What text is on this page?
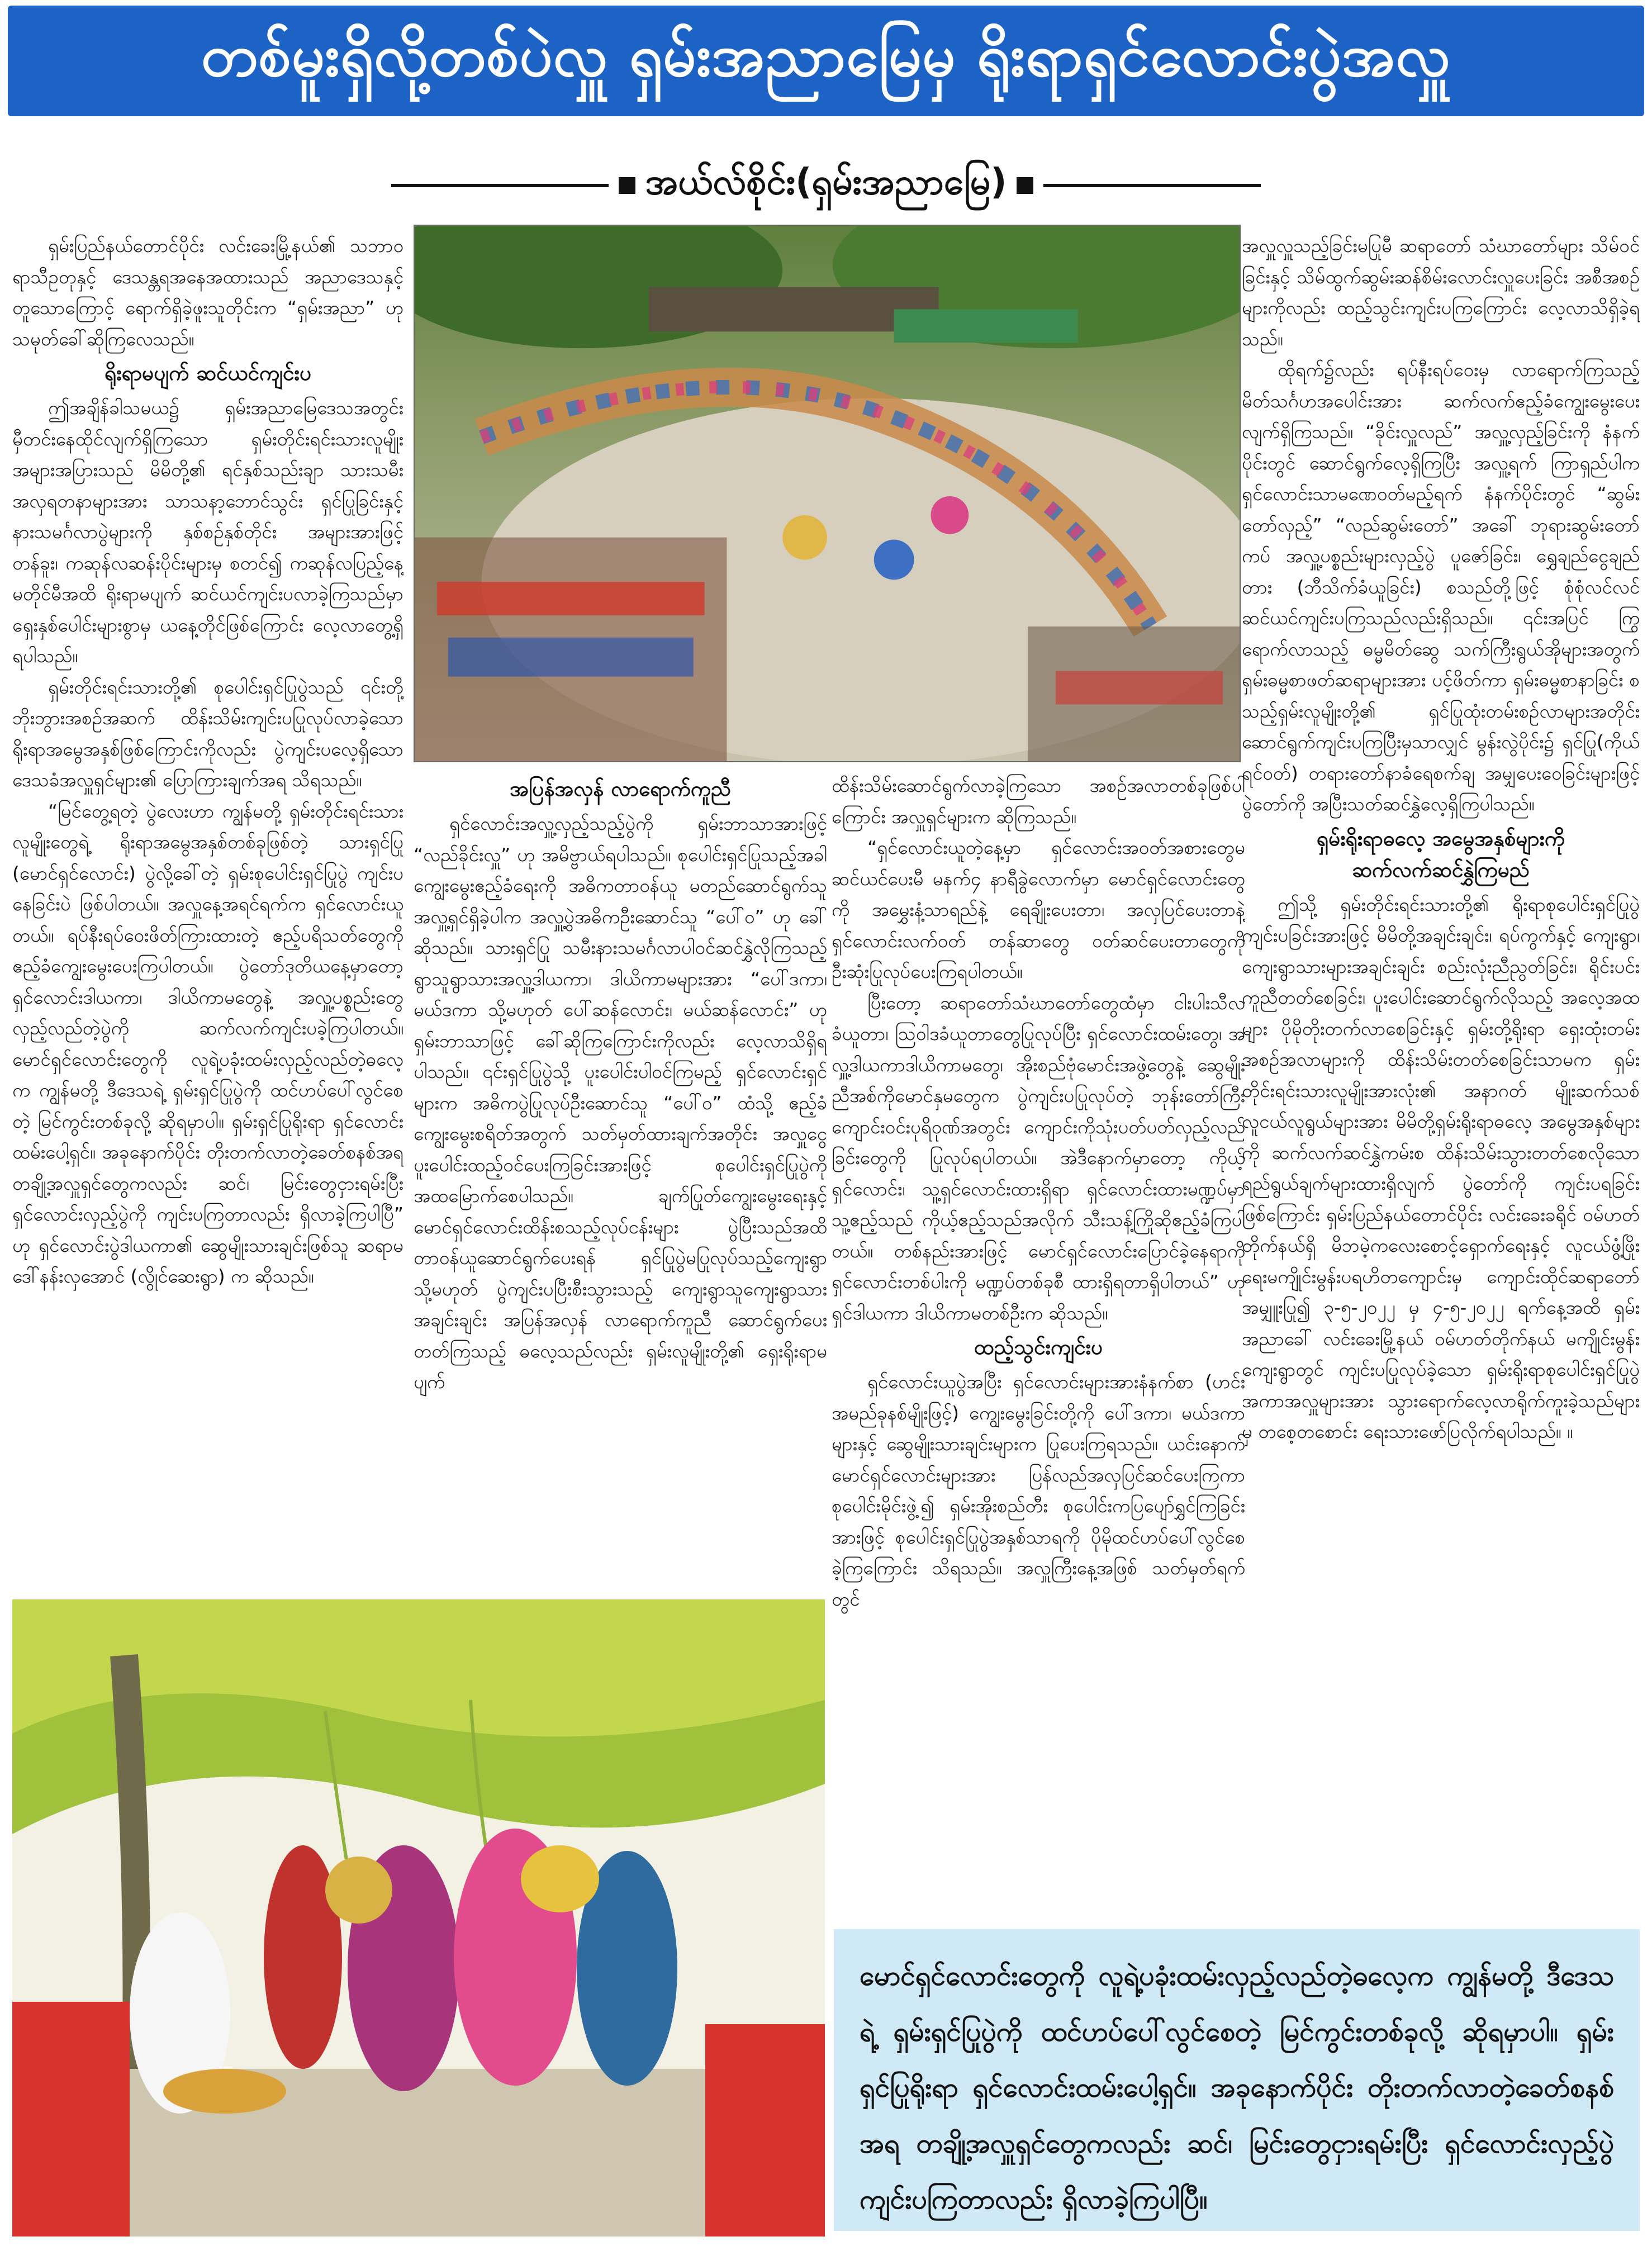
တစ်မူးရှိလို့တစ်ပဲလှူ ရှမ်းအညာမြေမှ ရိုးရာရှင်လောင်းပွဲအလှူ
အယ်လ်စိုင်း(ရှမ်းအညာမြေ)

ရှမ်းပြည်နယ်တောင်ပိုင်း လင်းခေးမြို့နယ်၏ သဘာဝရာသီဥတုနှင့် ဒေသန္တရအနေအထားသည် အညာဒေသနှင့်တူသောကြောင့် ရောက်ရှိခဲ့ဖူးသူတိုင်းက “ရှမ်းအညာ” ဟု သမုတ်ခေါ်ဆိုကြလေသည်။

ရိုးရာမပျက် ဆင်ယင်ကျင်းပ

ဤအချိန်ခါသမယ၌ ရှမ်းအညာမြေဒေသအတွင်း မှီတင်းနေထိုင်လျက်ရှိကြသော ရှမ်းတိုင်းရင်းသားလူမျိုးအများအပြားသည် မိမိတို့၏ ရင်နှစ်သည်းချာ သားသမီးအလှရတနာများအား သာသနာ့ဘောင်သွင်း ရှင်ပြုခြင်းနှင့် နားသမင်္ဂလာပွဲများကို နှစ်စဉ်နှစ်တိုင်း အများအားဖြင့် တန်ခူး၊ ကဆုန်လဆန်းပိုင်းများမှ စတင်၍ ကဆုန်လပြည့်နေ့မတိုင်မီအထိ ရိုးရာမပျက် ဆင်ယင်ကျင်းပလာခဲ့ကြသည်မှာ ရှေးနှစ်ပေါင်းများစွာမှ ယနေ့တိုင်ဖြစ်ကြောင်း လေ့လာတွေ့ရှိရပါသည်။

ရှမ်းတိုင်းရင်းသားတို့၏ စုပေါင်းရှင်ပြုပွဲသည် ၎င်းတို့ဘိုးဘွားအစဉ်အဆက် ထိန်းသိမ်းကျင်းပပြုလုပ်လာခဲ့သော ရိုးရာအမွေအနှစ်ဖြစ်ကြောင်းကိုလည်း ပွဲကျင်းပလေ့ရှိသော ဒေသခံအလှူရှင်များ၏ ပြောကြားချက်အရ သိရသည်။

“မြင်တွေ့ရတဲ့ ပွဲလေးဟာ ကျွန်မတို့ ရှမ်းတိုင်းရင်းသားလူမျိုးတွေရဲ့ ရိုးရာအမွေအနှစ်တစ်ခုဖြစ်တဲ့ သားရှင်ပြု (မောင်ရှင်လောင်း) ပွဲလို့ခေါ်တဲ့ ရှမ်းစုပေါင်းရှင်ပြုပွဲ ကျင်းပနေခြင်းပဲ ဖြစ်ပါတယ်။ အလှူနေ့အရင်ရက်က ရှင်လောင်းယူတယ်။ ရပ်နီးရပ်ဝေးဖိတ်ကြားထားတဲ့ ဧည့်ပရိသတ်တွေကို ဧည့်ခံကျွေးမွေးပေးကြပါတယ်။ ပွဲတော်ဒုတိယနေ့မှာတော့ ရှင်လောင်းဒါယကာ၊ ဒါယိကာမတွေနဲ့ အလှူ့ပစ္စည်းတွေ လှည့်လည်တဲ့ပွဲကို ဆက်လက်ကျင်းပခဲ့ကြပါတယ်။ မောင်ရှင်လောင်းတွေကို လူရဲ့ပခုံးထမ်းလှည့်လည်တဲ့ဓလေ့က ကျွန်မတို့ ဒီဒေသရဲ့ ရှမ်းရှင်ပြုပွဲကို ထင်ဟပ်ပေါ်လွင်စေတဲ့ မြင်ကွင်းတစ်ခုလို့ ဆိုရမှာပါ။ ရှမ်းရှင်ပြုရိုးရာ ရှင်လောင်းထမ်းပေါ့ရှင်။ အခုနောက်ပိုင်း တိုးတက်လာတဲ့ခေတ်စနစ်အရ တချို့အလှူရှင်တွေကလည်း ဆင်၊ မြင်းတွေငှားရမ်းပြီး ရှင်လောင်းလှည့်ပွဲကို ကျင်းပကြတာလည်း ရှိလာခဲ့ကြပါပြီ” ဟု ရှင်လောင်းပွဲဒါယကာ၏ ဆွေမျိုးသားချင်းဖြစ်သူ ဆရာမဒေါ်နန်းလှအောင် (လွိုင်ဆေးရွာ) က ဆိုသည်။

အပြန်အလှန် လာရောက်ကူညီ

ရှင်လောင်းအလှူ့လှည့်သည့်ပွဲကို ရှမ်းဘာသာအားဖြင့် “လည်ခိုင်းလှူ” ဟု အမိဗ္ဗာယ်ရပါသည်။ စုပေါင်းရှင်ပြုသည့်အခါ ကျွေးမွေးဧည့်ခံရေးကို အဓိကတာဝန်ယူ မတည်ဆောင်ရွက်သူ အလှူ့ရှင်ရှိခဲ့ပါက အလှူ့ပွဲအဓိကဦးဆောင်သူ “ပေါ်ဝ” ဟု ခေါ်ဆိုသည်။ သားရှင်ပြု သမီးနားသမင်္ဂလာပါဝင်ဆင်နွှဲလိုကြသည့် ရွာသူရွာသားအလှူ့ဒါယကာ၊ ဒါယိကာမများအား “ပေါ်ဒကာ၊ မယ်ဒကာ သို့မဟုတ် ပေါ်ဆန်လောင်း၊ မယ်ဆန်လောင်း” ဟု ရှမ်းဘာသာဖြင့် ခေါ်ဆိုကြကြောင်းကိုလည်း လေ့လာသိရှိရပါသည်။ ၎င်းရှင်ပြုပွဲသို့ ပူးပေါင်းပါဝင်ကြမည့် ရှင်လောင်းရှင်များက အဓိကပွဲပြုလုပ်ဦးဆောင်သူ “ပေါ်ဝ” ထံသို့ ဧည့်ခံကျွေးမွေးစရိတ်အတွက် သတ်မှတ်ထားချက်အတိုင်း အလှူငွေပူးပေါင်းထည့်ဝင်ပေးကြခြင်းအားဖြင့် စုပေါင်းရှင်ပြုပွဲကို အထမြောက်စေပါသည်။ ချက်ပြုတ်ကျွေးမွေးရေးနှင့် မောင်ရှင်လောင်းထိန်းစသည့်လုပ်ငန်းများ ပွဲပြီးသည်အထိ တာဝန်ယူဆောင်ရွက်ပေးရန် ရှင်ပြုပွဲမပြုလုပ်သည့်ကျေးရွာ သို့မဟုတ် ပွဲကျင်းပပြီးစီးသွားသည့် ကျေးရွာသူကျေးရွာသားအချင်းချင်း အပြန်အလှန် လာရောက်ကူညီ ဆောင်ရွက်ပေးတတ်ကြသည့် ဓလေ့သည်လည်း ရှမ်းလူမျိုးတို့၏ ရှေးရိုးရာမပျက်

ထိန်းသိမ်းဆောင်ရွက်လာခဲ့ကြသော အစဉ်အလာတစ်ခုဖြစ်ပါကြောင်း အလှူရှင်များက ဆိုကြသည်။

“ရှင်လောင်းယူတဲ့နေ့မှာ ရှင်လောင်းအဝတ်အစားတွေမဆင်ယင်ပေးမီ မနက်၄ နာရီခွဲလောက်မှာ မောင်ရှင်လောင်းတွေကို အမွှေးနံ့သာရည်နဲ့ ရေချိုးပေးတာ၊ အလှပြင်ပေးတာနဲ့ ရှင်လောင်းလက်ဝတ် တန်ဆာတွေ ဝတ်ဆင်ပေးတာတွေကို ဦးဆုံးပြုလုပ်ပေးကြရပါတယ်။

ပြီးတော့ ဆရာတော်သံဃာတော်တွေထံမှာ ငါးပါးသီလခံယူတာ၊ ဩဝါဒခံယူတာတွေပြုလုပ်ပြီး ရှင်လောင်းထမ်းတွေ၊ အလှူ့ဒါယကာဒါယိကာမတွေ၊ အိုးစည်ဗုံမောင်းအဖွဲ့တွေနဲ့ ဆွေမျိုးညီအစ်ကိုမောင်နှမတွေက ပွဲကျင်းပပြုလုပ်တဲ့ ဘုန်းတော်ကြီးကျောင်းဝင်းပုရိဝုဏ်အတွင်း ကျောင်းကိုသုံးပတ်ပတ်လှည့်လည်ခြင်းတွေကို ပြုလုပ်ရပါတယ်။ အဲဒီနောက်မှာတော့ ကိုယ့်ရှင်လောင်း၊ သူ့ရှင်လောင်းထားရှိရာ ရှင်လောင်းထားမဏ္ဍပ်မှာ သူ့ဧည့်သည် ကိုယ့်ဧည့်သည်အလိုက် သီးသန့်ကြိုဆိုဧည့်ခံကြပါတယ်။ တစ်နည်းအားဖြင့် မောင်ရှင်လောင်းပြောင်ခဲ့နေရာကို ရှင်လောင်းတစ်ပါးကို မဏ္ဍပ်တစ်ခုစီ ထားရှိရတာရှိပါတယ်” ဟု ရှင်ဒါယကာ ဒါယိကာမတစ်ဦးက ဆိုသည်။

ထည့်သွင်းကျင်းပ

ရှင်လောင်းယူပွဲအပြီး ရှင်လောင်းများအားနံနက်စာ (ဟင်းအမည်ခုနစ်မျိုးဖြင့်) ကျွေးမွေးခြင်းတို့ကို ပေါ်ဒကာ၊ မယ်ဒကာများနှင့် ဆွေမျိုးသားချင်းများက ပြုပေးကြရသည်။ ယင်းနောက် မောင်ရှင်လောင်းများအား ပြန်လည်အလှပြင်ဆင်ပေးကြကာ စုပေါင်းမိုင်းဖွဲ့၍ ရှမ်းအိုးစည်တီး စုပေါင်းကပြပျော်ရွှင်ကြခြင်းအားဖြင့် စုပေါင်းရှင်ပြုပွဲအနှစ်သာရကို ပိုမိုထင်ဟပ်ပေါ်လွင်စေခဲ့ကြကြောင်း သိရသည်။ အလှူကြီးနေ့အဖြစ် သတ်မှတ်ရက်တွင်

အလှူလှူသည့်ခြင်းမပြုမီ ဆရာတော် သံဃာတော်များ သိမ်ဝင်ခြင်းနှင့် သိမ်ထွက်ဆွမ်းဆန်စိမ်းလောင်းလှူပေးခြင်း အစီအစဉ်များကိုလည်း ထည့်သွင်းကျင်းပကြကြောင်း လေ့လာသိရှိခဲ့ရသည်။

ထိုရက်၌လည်း ရပ်နီးရပ်ဝေးမှ လာရောက်ကြသည့် မိတ်သင်္ဂဟအပေါင်းအား ဆက်လက်ဧည့်ခံကျွေးမွေးပေးလျက်ရှိကြသည်။ “ခိုင်းလှူလည်” အလှူ့လှည့်ခြင်းကို နံနက်ပိုင်းတွင် ဆောင်ရွက်လေ့ရှိကြပြီး အလှူ့ရက် ကြာရှည်ပါက ရှင်လောင်းသာမဏေဝတ်မည့်ရက် နံနက်ပိုင်းတွင် “ဆွမ်းတော်လှည့်” “လည်ဆွမ်းတော်” အခေါ် ဘုရားဆွမ်းတော်ကပ် အလှူ့ပစ္စည်းများလှည့်ပွဲ ပူဇော်ခြင်း၊ ရွှေချည်ငွေချည်တား (ဘီသိက်ခံယူခြင်း) စသည်တို့ဖြင့် စုံစုံလင်လင် ဆင်ယင်ကျင်းပကြသည်လည်းရှိသည်။ ၎င်းအပြင် ကြွရောက်လာသည့် ဓမ္မမိတ်ဆွေ သက်ကြီးရွယ်အိုများအတွက် ရှမ်းဓမ္မစာဖတ်ဆရာများအား ပင့်ဖိတ်ကာ ရှမ်းဓမ္မစာနာခြင်း စသည့်ရှမ်းလူမျိုးတို့၏ ရှင်ပြုထုံးတမ်းစဉ်လာများအတိုင်း ဆောင်ရွက်ကျင်းပကြပြီးမှသာလျှင် မွန်းလွဲပိုင်း၌ ရှင်ပြု(ကိုယ်ရင်ဝတ်) တရားတော်နာခံရေစက်ချ အမျှပေးဝေခြင်းများဖြင့် ပွဲတော်ကို အပြီးသတ်ဆင်နွှဲလေ့ရှိကြပါသည်။

ရှမ်းရိုးရာဓလေ့ အမွေအနှစ်များကို
ဆက်လက်ဆင်နွှဲကြမည်

ဤသို့ ရှမ်းတိုင်းရင်းသားတို့၏ ရိုးရာစုပေါင်းရှင်ပြုပွဲကျင်းပခြင်းအားဖြင့် မိမိတို့အချင်းချင်း၊ ရပ်ကွက်နှင့် ကျေးရွာ၊ ကျေးရွာသားများအချင်းချင်း စည်းလုံးညီညွတ်ခြင်း၊ ရိုင်းပင်းကူညီတတ်စေခြင်း၊ ပူးပေါင်းဆောင်ရွက်လိုသည့် အလေ့အထများ ပိုမိုတိုးတက်လာစေခြင်းနှင့် ရှမ်းတို့ရိုးရာ ရှေးထုံးတမ်းအစဉ်အလာများကို ထိန်းသိမ်းတတ်စေခြင်းသာမက ရှမ်းတိုင်းရင်းသားလူမျိုးအားလုံး၏ အနာဂတ် မျိုးဆက်သစ်လူငယ်လူရွယ်များအား မိမိတို့ရှမ်းရိုးရာဓလေ့ အမွေအနှစ်များကို ဆက်လက်ဆင်နွှဲကမ်းစ ထိန်းသိမ်းသွားတတ်စေလိုသော ရည်ရွယ်ချက်များထားရှိလျက် ပွဲတော်ကို ကျင်းပရခြင်းဖြစ်ကြောင်း ရှမ်းပြည်နယ်တောင်ပိုင်း လင်းခေးခရိုင် ဝမ်ဟတ်တိုက်နယ်ရှိ မိဘမဲ့ကလေးစောင့်ရှောက်ရေးနှင့် လူငယ်ဖွံ့ဖြိုးရေးမကျိုင်းမွန်းပရဟိတကျောင်းမှ ကျောင်းထိုင်ဆရာတော် အမျှူးပြု၍ ၃-၅-၂၀၂၂ မှ ၄-၅-၂၀၂၂ ရက်နေ့အထိ ရှမ်းအညာ‌ခေါ် လင်းခေးမြို့နယ် ဝမ်ဟတ်တိုက်နယ် မကျိုင်းမွန်းကျေးရွာတွင် ကျင်းပပြုလုပ်ခဲ့သော ရှမ်းရိုးရာစုပေါင်းရှင်ပြုပွဲအကာအလှူများအား သွားရောက်လေ့လာရိုက်ကူးခဲ့သည်များမှ တစေ့တစောင်း ရေးသားဖော်ပြလိုက်ရပါသည်။ ။

မောင်ရှင်လောင်းတွေကို လူရဲ့ပခုံးထမ်းလှည့်လည်တဲ့ဓလေ့က ကျွန်မတို့ ဒီဒေသရဲ့ ရှမ်းရှင်ပြုပွဲကို ထင်ဟပ်ပေါ်လွင်စေတဲ့ မြင်ကွင်းတစ်ခုလို့ ဆိုရမှာပါ။ ရှမ်းရှင်ပြုရိုးရာ ရှင်လောင်းထမ်းပေါ့ရှင်။ အခုနောက်ပိုင်း တိုးတက်လာတဲ့ခေတ်စနစ်အရ တချို့အလှူရှင်တွေကလည်း ဆင်၊ မြင်းတွေငှားရမ်းပြီး ရှင်လောင်းလှည့်ပွဲ ကျင်းပကြတာလည်း ရှိလာခဲ့ကြပါပြီ။
